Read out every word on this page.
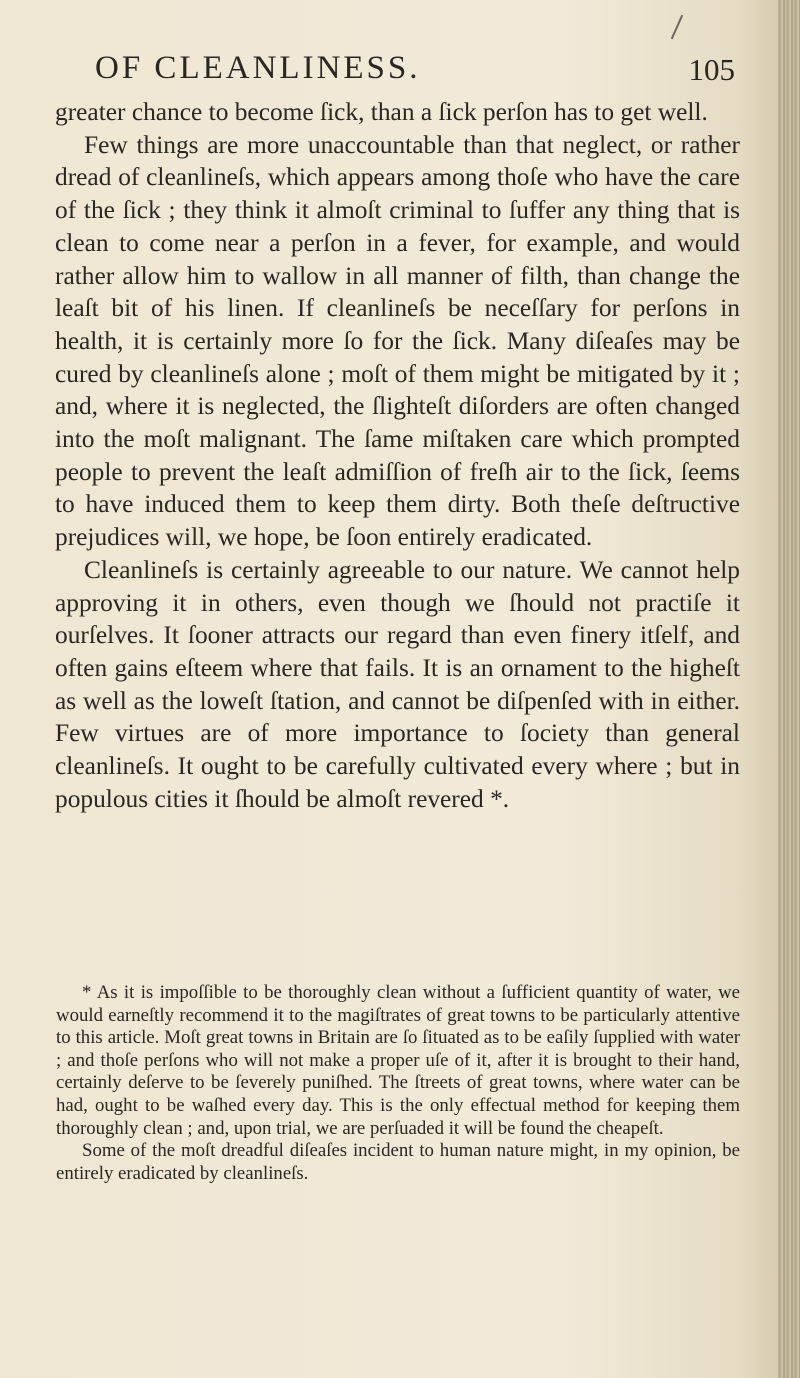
OF CLEANLINESS.	105

greater chance to become ſick, than a ſick perſon has to get well.

Few things are more unaccountable than that neglect, or rather dread of cleanlineſs, which appears among thoſe who have the care of the ſick ; they think it almoſt criminal to ſuffer any thing that is clean to come near a perſon in a fever, for example, and would rather allow him to wallow in all manner of filth, than change the leaſt bit of his linen. If cleanlineſs be neceſſary for perſons in health, it is certainly more ſo for the ſick. Many diſeaſes may be cured by cleanlineſs alone ; moſt of them might be mitigated by it ; and, where it is neglected, the ſlighteſt diſorders are often changed into the moſt malignant. The ſame miſtaken care which prompted people to prevent the leaſt admiſſion of freſh air to the ſick, ſeems to have induced them to keep them dirty. Both theſe deſtructive prejudices will, we hope, be ſoon entirely eradicated.

Cleanlineſs is certainly agreeable to our nature. We cannot help approving it in others, even though we ſhould not practiſe it ourſelves. It ſooner attracts our regard than even finery itſelf, and often gains eſteem where that fails. It is an ornament to the higheſt as well as the loweſt ſtation, and cannot be diſpenſed with in either. Few virtues are of more importance to ſociety than general cleanlineſs. It ought to be carefully cultivated every where ; but in populous cities it ſhould be almoſt revered *.

* As it is impoſſible to be thoroughly clean without a ſufficient quantity of water, we would earneſtly recommend it to the magiſtrates of great towns to be particularly attentive to this article. Moſt great towns in Britain are ſo ſituated as to be eaſily ſupplied with water ; and thoſe perſons who will not make a proper uſe of it, after it is brought to their hand, certainly deſerve to be ſeverely puniſhed. The ſtreets of great towns, where water can be had, ought to be waſhed every day. This is the only effectual method for keeping them thoroughly clean ; and, upon trial, we are perſuaded it will be found the cheapeſt.

Some of the moſt dreadful diſeaſes incident to human nature might, in my opinion, be entirely eradicated by cleanlineſs.
